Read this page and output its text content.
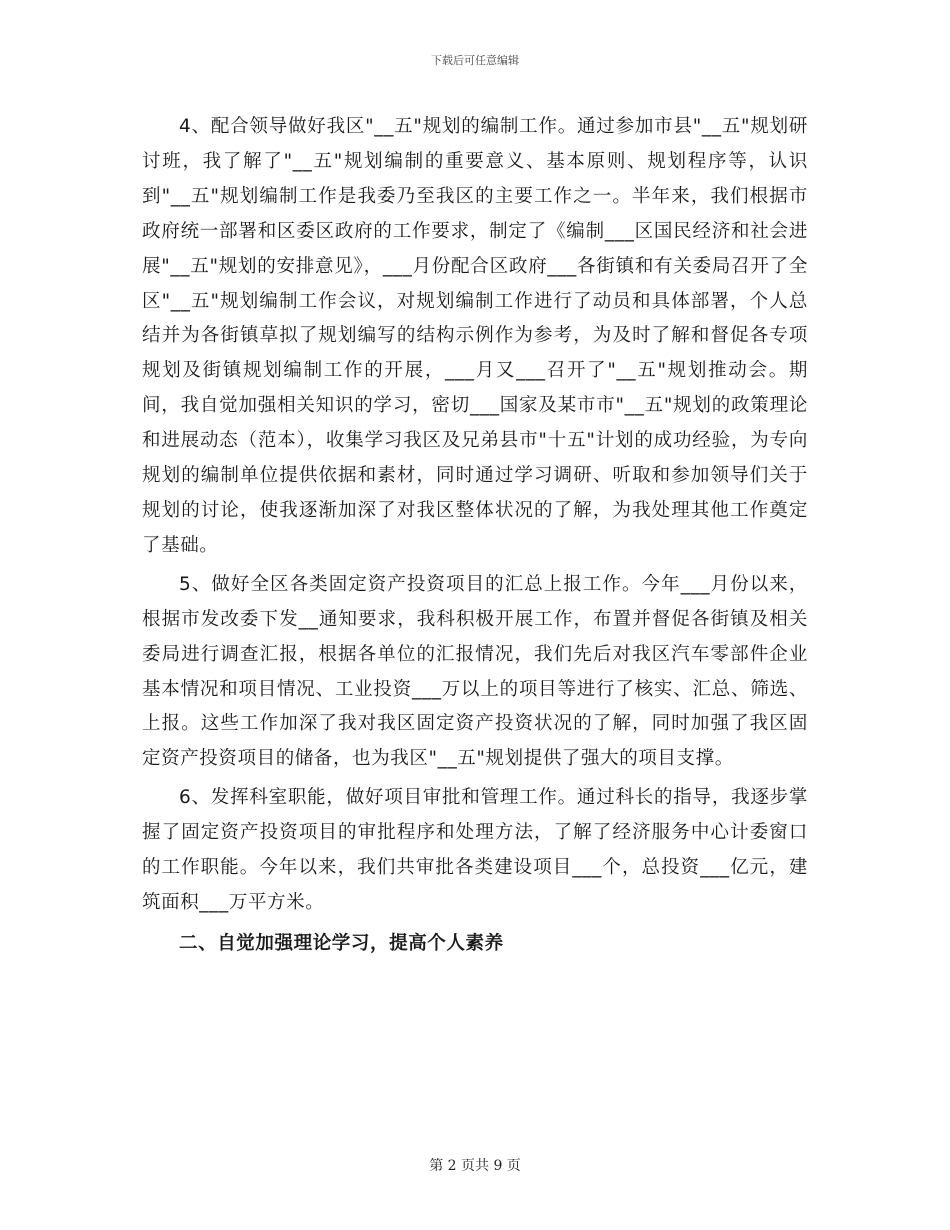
下载后可任意编辑

4、配合领导做好我区"__五"规划的编制工作。通过参加市县"__五"规划研讨班，我了解了"__五"规划编制的重要意义、基本原则、规划程序等，认识到"__五"规划编制工作是我委乃至我区的主要工作之一。半年来，我们根据市政府统一部署和区委区政府的工作要求，制定了《编制___区国民经济和社会进展"__五"规划的安排意见》，___月份配合区政府___各街镇和有关委局召开了全区"__五"规划编制工作会议，对规划编制工作进行了动员和具体部署，个人总结并为各街镇草拟了规划编写的结构示例作为参考，为及时了解和督促各专项规划及街镇规划编制工作的开展，___月又___召开了"__五"规划推动会。期间，我自觉加强相关知识的学习，密切___国家及某市市"__五"规划的政策理论和进展动态（范本），收集学习我区及兄弟县市"十五"计划的成功经验，为专向规划的编制单位提供依据和素材，同时通过学习调研、听取和参加领导们关于规划的讨论，使我逐渐加深了对我区整体状况的了解，为我处理其他工作奠定了基础。

5、做好全区各类固定资产投资项目的汇总上报工作。今年___月份以来，根据市发改委下发__通知要求，我科积极开展工作，布置并督促各街镇及相关委局进行调查汇报，根据各单位的汇报情况，我们先后对我区汽车零部件企业基本情况和项目情况、工业投资___万以上的项目等进行了核实、汇总、筛选、上报。这些工作加深了我对我区固定资产投资状况的了解，同时加强了我区固定资产投资项目的储备，也为我区"__五"规划提供了强大的项目支撑。

6、发挥科室职能，做好项目审批和管理工作。通过科长的指导，我逐步掌握了固定资产投资项目的审批程序和处理方法，了解了经济服务中心计委窗口的工作职能。今年以来，我们共审批各类建设项目___个，总投资___亿元，建筑面积___万平方米。

二、自觉加强理论学习，提高个人素养

第 2 页共 9 页
